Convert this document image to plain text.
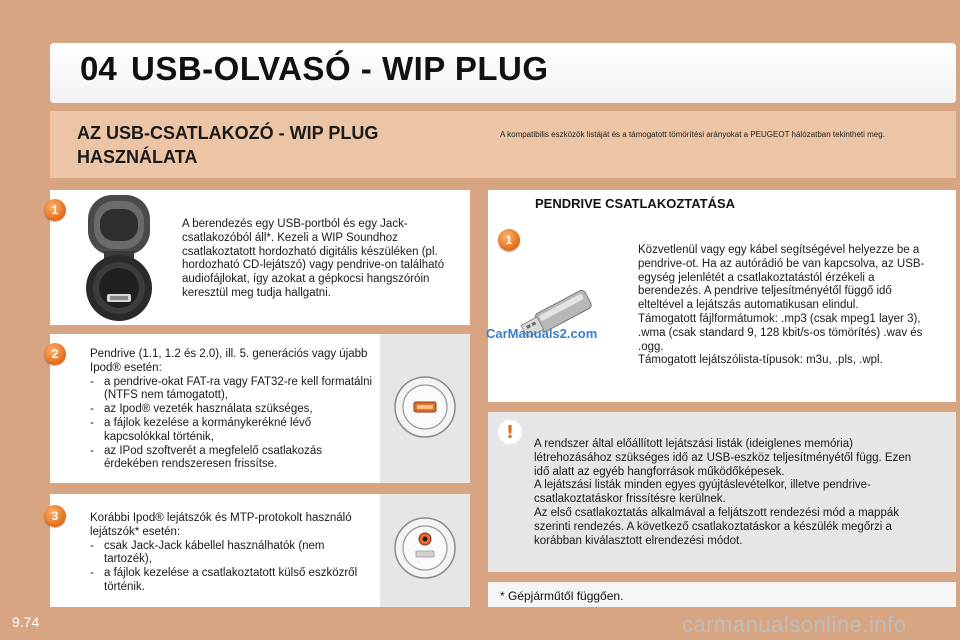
04 USB-OLVASÓ - WIP PLUG
AZ USB-CSATLAKOZÓ - WIP PLUG HASZNÁLATA
A kompatibilis eszközök listáját és a támogatott tömörítési arányokat a PEUGEOT hálózatban tekintheti meg.
1
A berendezés egy USB-portból és egy Jack-csatlakozóból áll*. Kezeli a WIP Soundhoz csatlakoztatott hordozható digitális készüléken (pl. hordozható CD-lejátszó) vagy pendrive-on található audiofájlokat, így azokat a gépkocsi hangszóróin keresztül meg tudja hallgatni.
2	Pendrive (1.1, 1.2 és 2.0), ill. 5. generációs vagy újabb Ipod® esetén:
- a pendrive-okat FAT-ra vagy FAT32-re kell formatálni (NTFS nem támogatott),
- az Ipod® vezeték használata szükséges,
- a fájlok kezelése a kormánykerékné lévő kapcsolókkal történik,
- az IPod szoftverét a megfelelő csatlakozás érdekében rendszeresen frissítse.
3	Korábbi Ipod® lejátszók és MTP-protokolt használó lejátszók* esetén:
- csak Jack-Jack kábellel használhatók (nem tartozék),
- a fájlok kezelése a csatlakoztatott külső eszközről történik.
PENDRIVE CSATLAKOZTATÁSA
1
CarManuals2.com
Közvetlenül vagy egy kábel segítségével helyezze be a pendrive-ot. Ha az autórádió be van kapcsolva, az USB-egység jelenlétét a csatlakoztatástól érzékeli a berendezés. A pendrive teljesítményétől függő idő elteltével a lejátszás automatikusan elindul.
Támogatott fájlformátumok: .mp3 (csak mpeg1 layer 3), .wma (csak standard 9, 128 kbit/s-os tömörítés) .wav és .ogg.
Támogatott lejátszólista-típusok: m3u, .pls, .wpl.
!
A rendszer által előállított lejátszási listák (ideiglenes memória) létrehozásához szükséges idő az USB-eszköz teljesítményétől függ. Ezen idő alatt az egyéb hangforrások működőképesek.
A lejátszási listák minden egyes gyújtáslevételkor, illetve pendrive-csatlakoztatáskor frissítésre kerülnek.
Az első csatlakoztatás alkalmával a feljátszott rendezési mód a mappák szerinti rendezés. A következő csatlakoztatáskor a készülék megőrzi a korábban kiválasztott elrendezési módot.
* Gépjárműtől függően.
9.74	carmanualsonline.info
